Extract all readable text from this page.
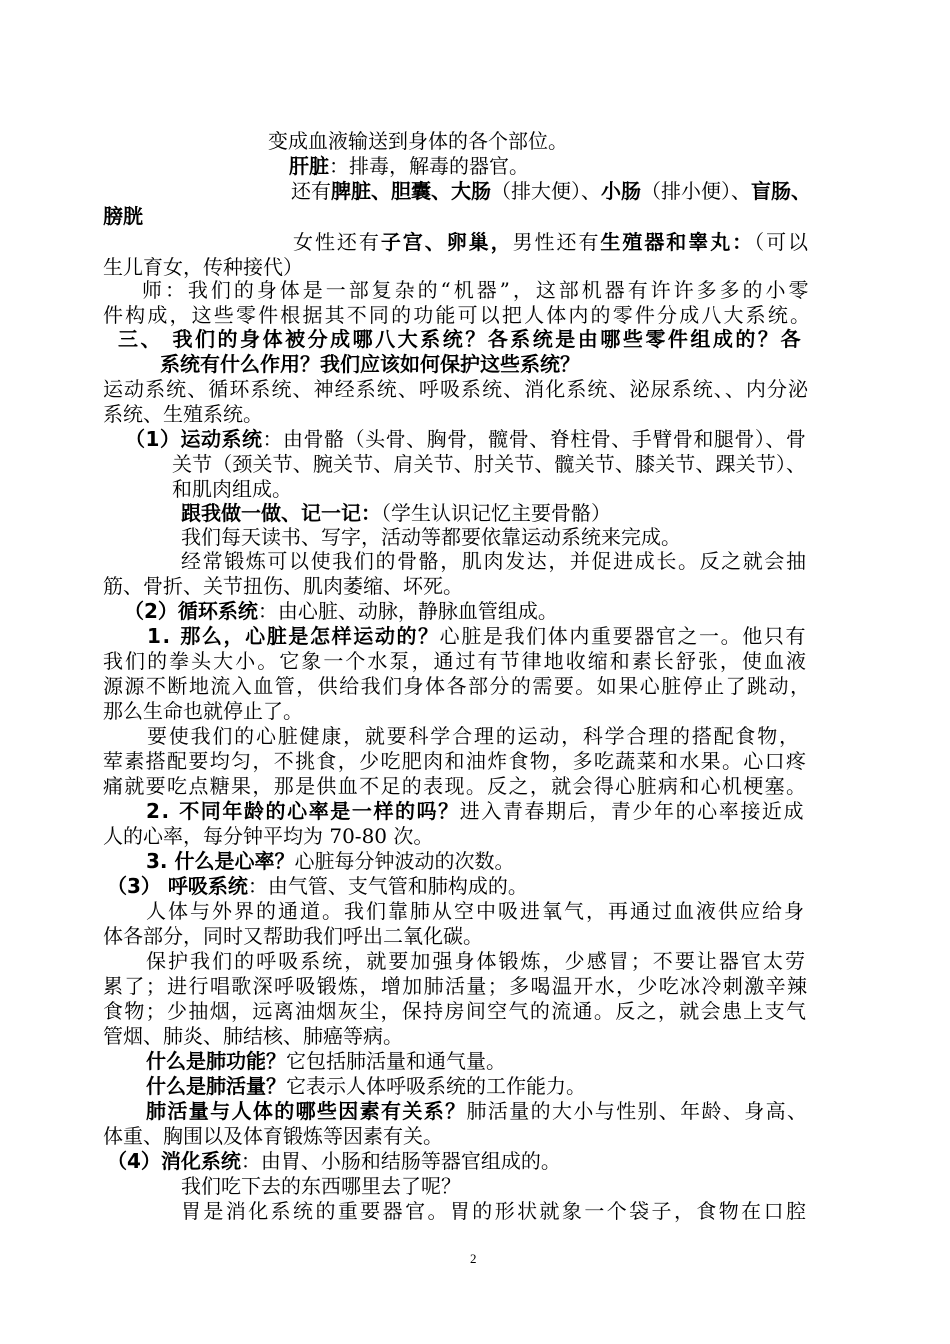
变成血液输送到身体的各个部位。
肝脏：排毒，解毒的器官。
还有脾脏、胆囊、大肠（排大便）、小肠（排小便）、盲肠、
膀胱
女性还有子宫、卵巢，男性还有生殖器和睾丸：（可以
生儿育女，传种接代）
师：我们的身体是一部复杂的“机器”，这部机器有许许多多的小零
件构成，这些零件根据其不同的功能可以把人体内的零件分成八大系统。
三、 我们的身体被分成哪八大系统？各系统是由哪些零件组成的？各
系统有什么作用？我们应该如何保护这些系统？
运动系统、循环系统、神经系统、呼吸系统、消化系统、泌尿系统、、内分泌
系统、生殖系统。
（1）运动系统：由骨骼（头骨、胸骨，髋骨、脊柱骨、手臂骨和腿骨）、骨
关节（颈关节、腕关节、肩关节、肘关节、髋关节、膝关节、踝关节）、
和肌肉组成。
跟我做一做、记一记：（学生认识记忆主要骨骼）
我们每天读书、写字，活动等都要依靠运动系统来完成。
经常锻炼可以使我们的骨骼，肌肉发达，并促进成长。反之就会抽
筋、骨折、关节扭伤、肌肉萎缩、坏死。
（2）循环系统：由心脏、动脉，静脉血管组成。
1. 那么，心脏是怎样运动的？心脏是我们体内重要器官之一。他只有
我们的拳头大小。它象一个水泵，通过有节律地收缩和素长舒张，使血液
源源不断地流入血管，供给我们身体各部分的需要。如果心脏停止了跳动，
那么生命也就停止了。
要使我们的心脏健康，就要科学合理的运动，科学合理的搭配食物，
荤素搭配要均匀，不挑食，少吃肥肉和油炸食物，多吃蔬菜和水果。心口疼
痛就要吃点糖果，那是供血不足的表现。反之，就会得心脏病和心机梗塞。
2. 不同年龄的心率是一样的吗？进入青春期后，青少年的心率接近成
人的心率，每分钟平均为 70-80 次。
3. 什么是心率？心脏每分钟波动的次数。
（3） 呼吸系统：由气管、支气管和肺构成的。
人体与外界的通道。我们靠肺从空中吸进氧气，再通过血液供应给身
体各部分，同时又帮助我们呼出二氧化碳。
保护我们的呼吸系统，就要加强身体锻炼，少感冒；不要让器官太劳
累了；进行唱歌深呼吸锻炼，增加肺活量；多喝温开水，少吃冰冷刺激辛辣
食物；少抽烟，远离油烟灰尘，保持房间空气的流通。反之，就会患上支气
管烟、肺炎、肺结核、肺癌等病。
什么是肺功能？它包括肺活量和通气量。
什么是肺活量？它表示人体呼吸系统的工作能力。
肺活量与人体的哪些因素有关系？肺活量的大小与性别、年龄、身高、
体重、胸围以及体育锻炼等因素有关。
（4）消化系统：由胃、小肠和结肠等器官组成的。
我们吃下去的东西哪里去了呢？
胃是消化系统的重要器官。胃的形状就象一个袋子，食物在口腔
2
